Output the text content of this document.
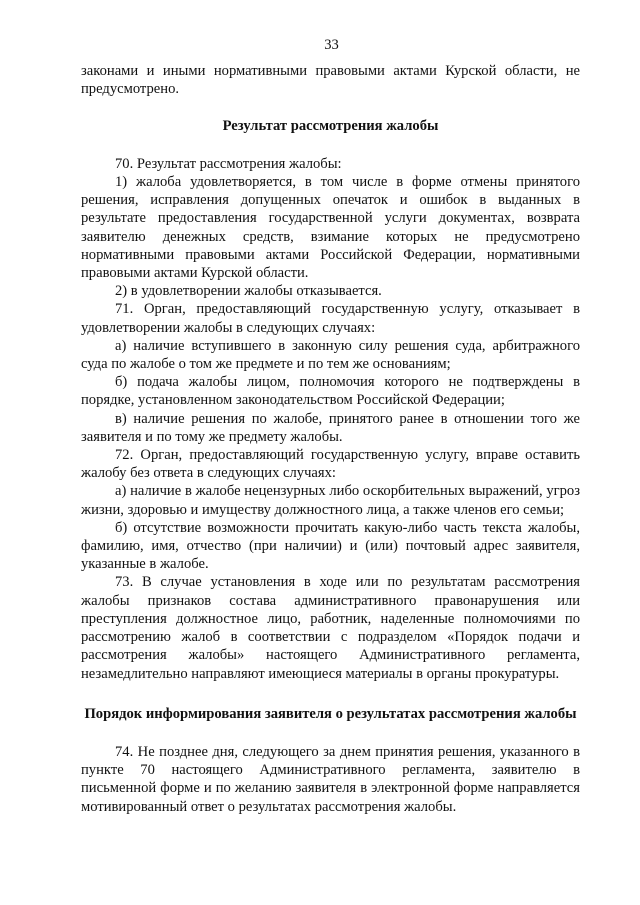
33

законами и иными нормативными правовыми актами Курской области, не предусмотрено.

Результат рассмотрения жалобы

70. Результат рассмотрения жалобы:

1) жалоба удовлетворяется, в том числе в форме отмены принятого решения, исправления допущенных опечаток и ошибок в выданных в результате предоставления государственной услуги документах, возврата заявителю денежных средств, взимание которых не предусмотрено нормативными правовыми актами Российской Федерации, нормативными правовыми актами Курской области.

2) в удовлетворении жалобы отказывается.

71. Орган, предоставляющий государственную услугу, отказывает в удовлетворении жалобы в следующих случаях:

а) наличие вступившего в законную силу решения суда, арбитражного суда по жалобе о том же предмете и по тем же основаниям;

б) подача жалобы лицом, полномочия которого не подтверждены в порядке, установленном законодательством Российской Федерации;

в) наличие решения по жалобе, принятого ранее в отношении того же заявителя и по тому же предмету жалобы.

72. Орган, предоставляющий государственную услугу, вправе оставить жалобу без ответа в следующих случаях:

а) наличие в жалобе нецензурных либо оскорбительных выражений, угроз жизни, здоровью и имуществу должностного лица, а также членов его семьи;

б) отсутствие возможности прочитать какую-либо часть текста жалобы, фамилию, имя, отчество (при наличии) и (или) почтовый адрес заявителя, указанные в жалобе.

73. В случае установления в ходе или по результатам рассмотрения жалобы признаков состава административного правонарушения или преступления должностное лицо, работник, наделенные полномочиями по рассмотрению жалоб в соответствии с подразделом «Порядок подачи и рассмотрения жалобы» настоящего Административного регламента, незамедлительно направляют имеющиеся материалы в органы прокуратуры.

Порядок информирования заявителя о результатах рассмотрения жалобы

74. Не позднее дня, следующего за днем принятия решения, указанного в пункте 70 настоящего Административного регламента, заявителю в письменной форме и по желанию заявителя в электронной форме направляется мотивированный ответ о результатах рассмотрения жалобы.
